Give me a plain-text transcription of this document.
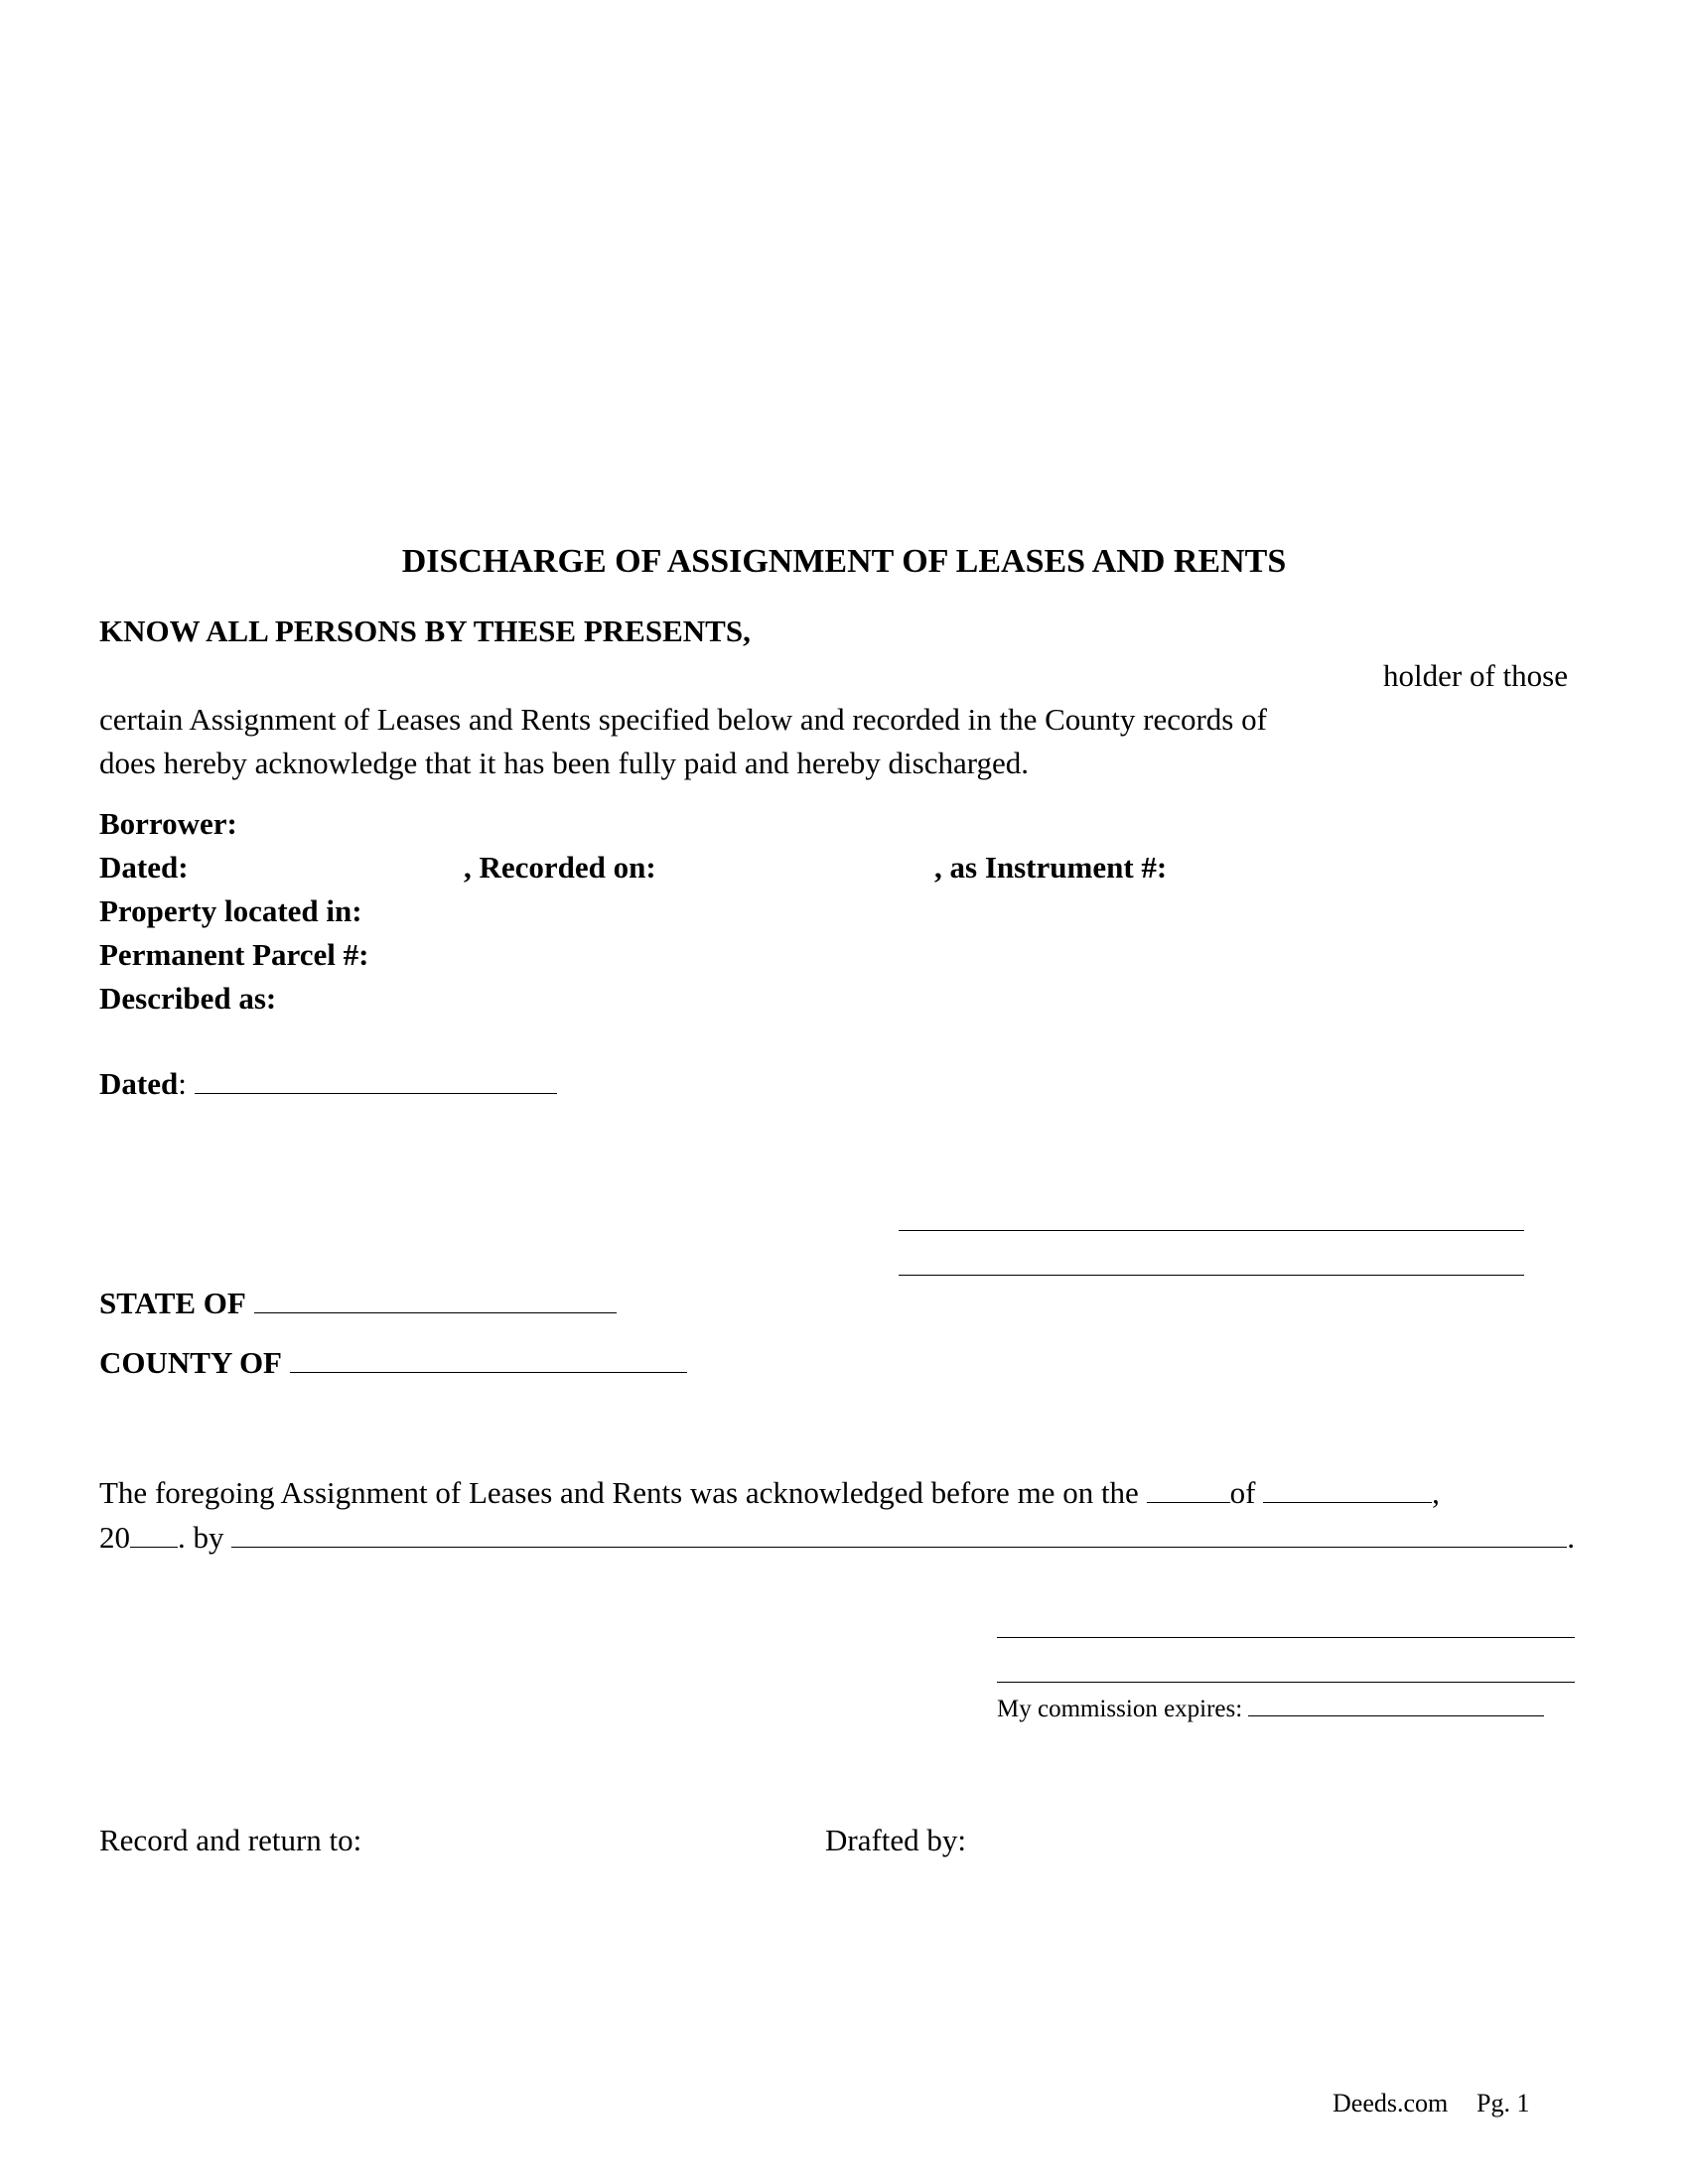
DISCHARGE OF ASSIGNMENT OF LEASES AND RENTS
KNOW ALL PERSONS BY THESE PRESENTS,
holder of those
certain Assignment of Leases and Rents specified below and recorded in the County records of
does hereby acknowledge that it has been fully paid and hereby discharged.
Borrower:
Dated:	, Recorded on:	, as Instrument #:
Property located in:
Permanent Parcel #:
Described as:
Dated:
STATE OF
COUNTY OF
The foregoing Assignment of Leases and Rents was acknowledged before me on the	of	,
20 . by	.
My commission expires:
Record and return to:	Drafted by:
Deeds.com Pg. 1
